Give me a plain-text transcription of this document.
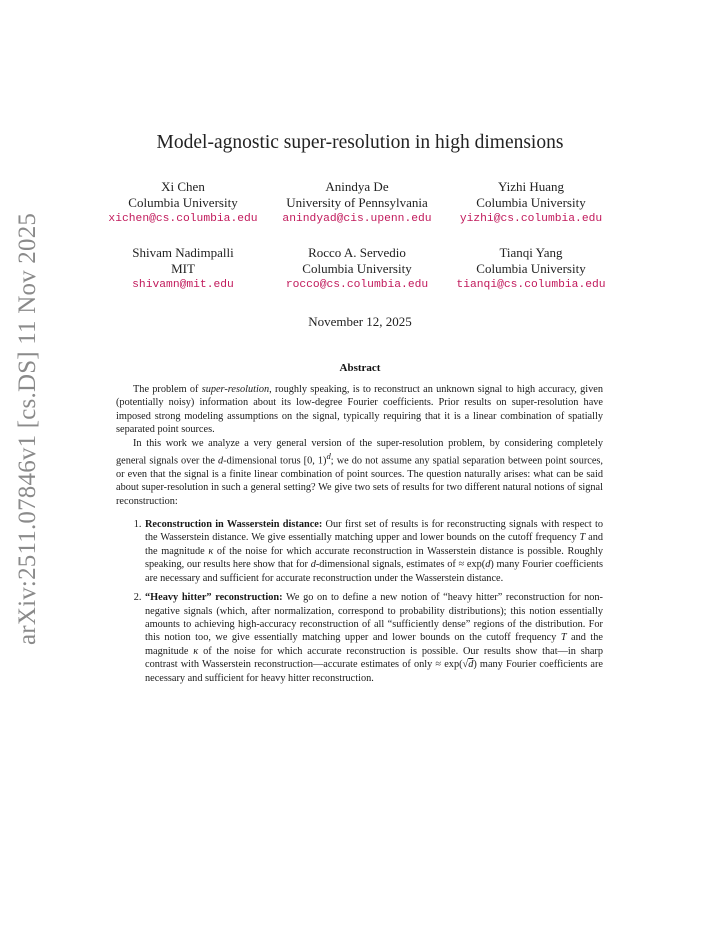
arXiv:2511.07846v1 [cs.DS] 11 Nov 2025
Model-agnostic super-resolution in high dimensions
Xi Chen
Columbia University
xichen@cs.columbia.edu
Anindya De
University of Pennsylvania
anindyad@cis.upenn.edu
Yizhi Huang
Columbia University
yizhi@cs.columbia.edu
Shivam Nadimpalli
MIT
shivamn@mit.edu
Rocco A. Servedio
Columbia University
rocco@cs.columbia.edu
Tianqi Yang
Columbia University
tianqi@cs.columbia.edu
November 12, 2025
Abstract

The problem of super-resolution, roughly speaking, is to reconstruct an unknown signal to high accuracy, given (potentially noisy) information about its low-degree Fourier coefficients. Prior results on super-resolution have imposed strong modeling assumptions on the signal, typically requiring that it is a linear combination of spatially separated point sources.

In this work we analyze a very general version of the super-resolution problem, by considering completely general signals over the d-dimensional torus [0, 1)$^d$; we do not assume any spatial separation between point sources, or even that the signal is a finite linear combination of point sources. The question naturally arises: what can be said about super-resolution in such a general setting? We give two sets of results for two different natural notions of signal reconstruction:

1. Reconstruction in Wasserstein distance: Our first set of results is for reconstructing signals with respect to the Wasserstein distance. We give essentially matching upper and lower bounds on the cutoff frequency T and the magnitude κ of the noise for which accurate reconstruction in Wasserstein distance is possible. Roughly speaking, our results here show that for d-dimensional signals, estimates of ≈ exp(d) many Fourier coefficients are necessary and sufficient for accurate reconstruction under the Wasserstein distance.
2. “Heavy hitter” reconstruction: We go on to define a new notion of “heavy hitter” reconstruction for non-negative signals (which, after normalization, correspond to probability distributions); this notion essentially amounts to achieving high-accuracy reconstruction of all “sufficiently dense” regions of the distribution. For this notion too, we give essentially matching upper and lower bounds on the cutoff frequency T and the magnitude κ of the noise for which accurate reconstruction is possible. Our results show that—in sharp contrast with Wasserstein reconstruction—accurate estimates of only ≈ exp(√d) many Fourier coefficients are necessary and sufficient for heavy hitter reconstruction.
